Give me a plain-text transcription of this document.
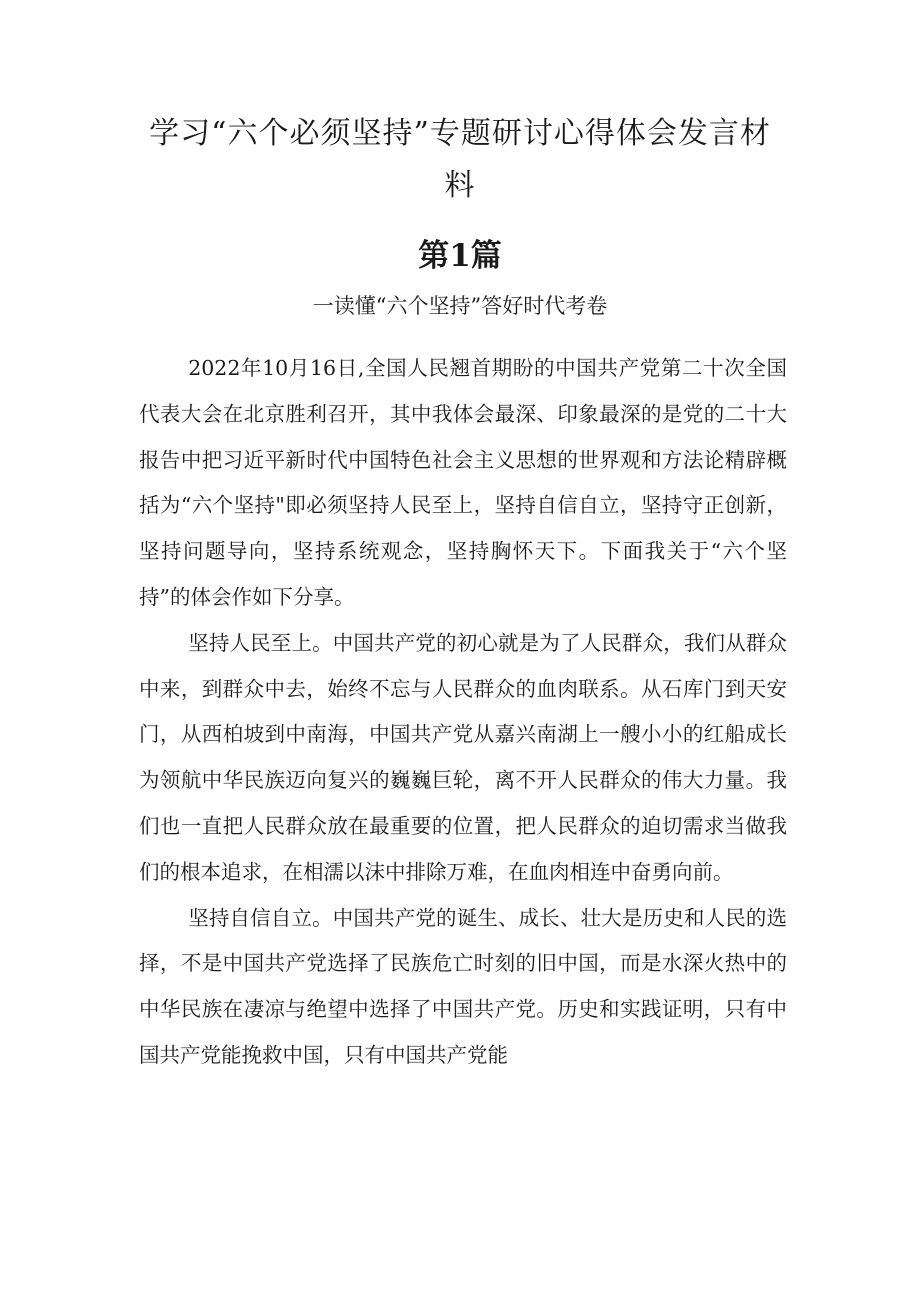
学习“六个必须坚持”专题研讨心得体会发言材料
第1篇

一读懂“六个坚持”答好时代考卷

2022年10月16日,全国人民翘首期盼的中国共产党第二十次全国代表大会在北京胜利召开，其中我体会最深、印象最深的是党的二十大报告中把习近平新时代中国特色社会主义思想的世界观和方法论精辟概括为“六个坚持"即必须坚持人民至上，坚持自信自立，坚持守正创新，坚持问题导向，坚持系统观念，坚持胸怀天下。下面我关于“六个坚持”的体会作如下分享。

坚持人民至上。中国共产党的初心就是为了人民群众，我们从群众中来，到群众中去，始终不忘与人民群众的血肉联系。从石库门到天安门，从西柏坡到中南海，中国共产党从嘉兴南湖上一艘小小的红船成长为领航中华民族迈向复兴的巍巍巨轮，离不开人民群众的伟大力量。我们也一直把人民群众放在最重要的位置，把人民群众的迫切需求当做我们的根本追求，在相濡以沫中排除万难，在血肉相连中奋勇向前。

坚持自信自立。中国共产党的诞生、成长、壮大是历史和人民的选择，不是中国共产党选择了民族危亡时刻的旧中国，而是水深火热中的中华民族在凄凉与绝望中选择了中国共产党。历史和实践证明，只有中国共产党能挽救中国，只有中国共产党能
